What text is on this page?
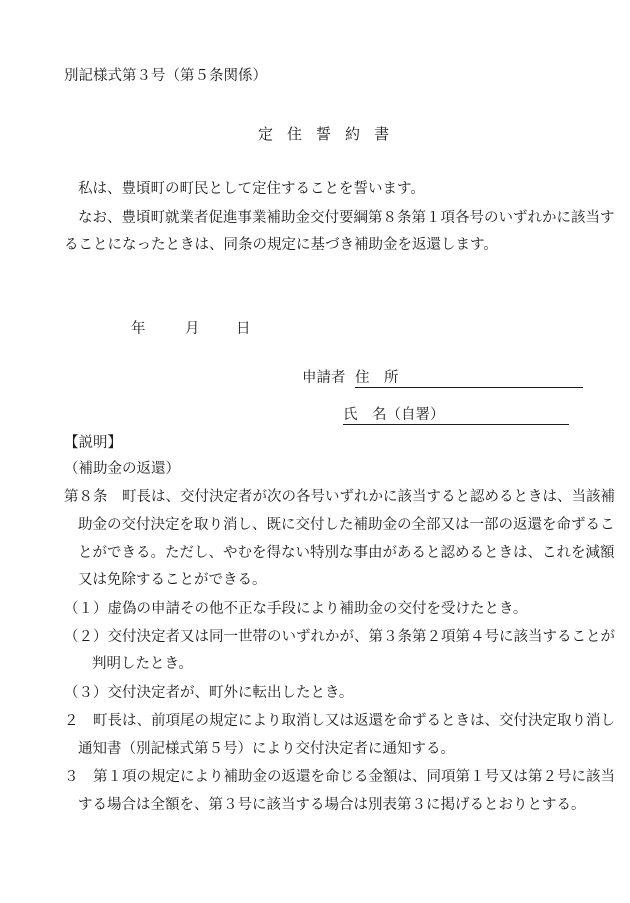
別記様式第３号（第５条関係）
定 住 誓 約 書
私は、豊頃町の町民として定住することを誓います。
なお、豊頃町就業者促進事業補助金交付要綱第８条第１項各号のいずれかに該当す
ることになったときは、同条の規定に基づき補助金を返還します。
年	月	日
申請者 住　所
氏　名（自署）
【説明】
（補助金の返還）
第８条　町長は、交付決定者が次の各号いずれかに該当すると認めるときは、当該補
助金の交付決定を取り消し、既に交付した補助金の全部又は一部の返還を命ずるこ
とができる。ただし、やむを得ない特別な事由があると認めるときは、これを減額
又は免除することができる。
（１）虚偽の申請その他不正な手段により補助金の交付を受けたとき。
（２）交付決定者又は同一世帯のいずれかが、第３条第２項第４号に該当することが
判明したとき。
（３）交付決定者が、町外に転出したとき。
２　町長は、前項尾の規定により取消し又は返還を命ずるときは、交付決定取り消し
通知書（別記様式第５号）により交付決定者に通知する。
３　第１項の規定により補助金の返還を命じる金額は、同項第１号又は第２号に該当
する場合は全額を、第３号に該当する場合は別表第３に掲げるとおりとする。
